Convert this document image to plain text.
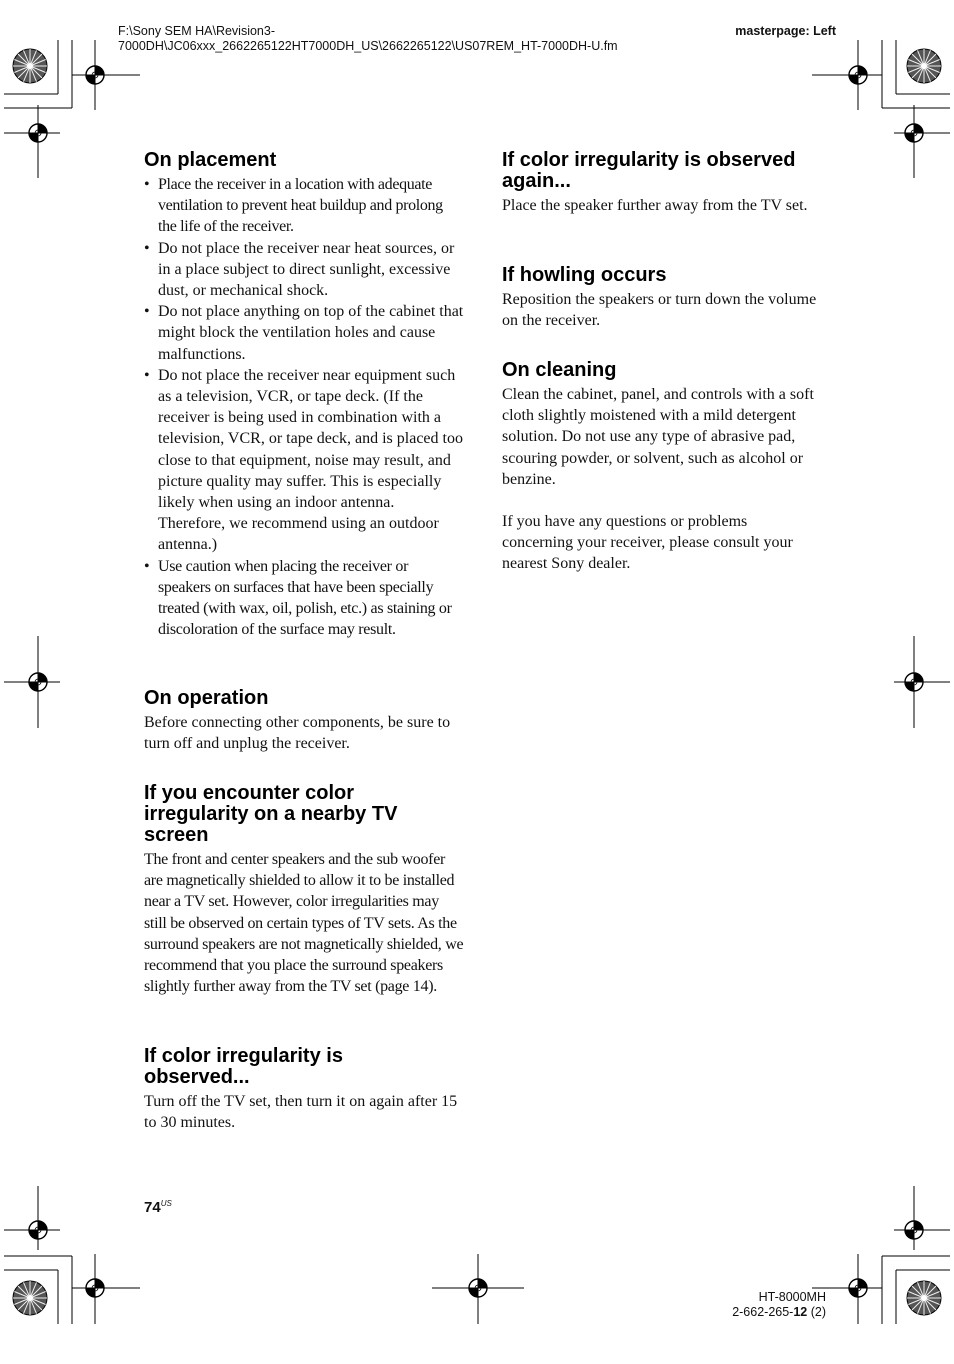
F:\Sony SEM HA\Revision3-
7000DH\JC06xxx_2662265122HT7000DH_US\2662265122\US07REM_HT-7000DH-U.fm
masterpage: Left
On placement
• Place the receiver in a location with adequate ventilation to prevent heat buildup and prolong the life of the receiver.
• Do not place the receiver near heat sources, or in a place subject to direct sunlight, excessive dust, or mechanical shock.
• Do not place anything on top of the cabinet that might block the ventilation holes and cause malfunctions.
• Do not place the receiver near equipment such as a television, VCR, or tape deck. (If the receiver is being used in combination with a television, VCR, or tape deck, and is placed too close to that equipment, noise may result, and picture quality may suffer. This is especially likely when using an indoor antenna. Therefore, we recommend using an outdoor antenna.)
• Use caution when placing the receiver or speakers on surfaces that have been specially treated (with wax, oil, polish, etc.) as staining or discoloration of the surface may result.
On operation

Before connecting other components, be sure to turn off and unplug the receiver.

If you encounter color irregularity on a nearby TV screen

The front and center speakers and the sub woofer are magnetically shielded to allow it to be installed near a TV set. However, color irregularities may still be observed on certain types of TV sets. As the surround speakers are not magnetically shielded, we recommend that you place the surround speakers slightly further away from the TV set (page 14).

If color irregularity is observed...

Turn off the TV set, then turn it on again after 15 to 30 minutes.

If color irregularity is observed again...

Place the speaker further away from the TV set.

If howling occurs

Reposition the speakers or turn down the volume on the receiver.

On cleaning

Clean the cabinet, panel, and controls with a soft cloth slightly moistened with a mild detergent solution. Do not use any type of abrasive pad, scouring powder, or solvent, such as alcohol or benzine.

If you have any questions or problems concerning your receiver, please consult your nearest Sony dealer.

$74^{US}$
HT-8000MH
2-662-265-12 (2)
